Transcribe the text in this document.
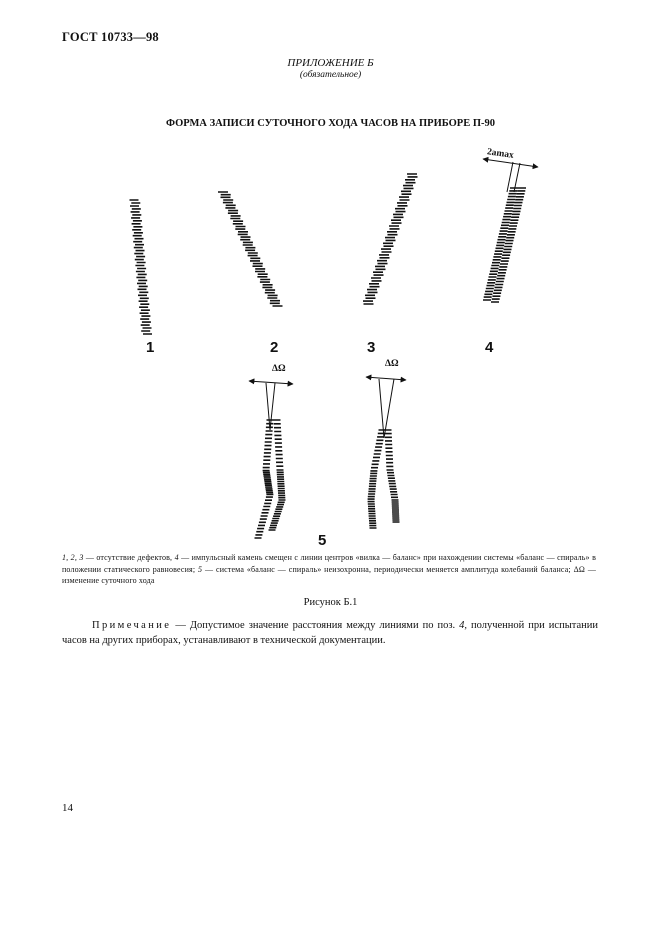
ГОСТ 10733—98
ПРИЛОЖЕНИЕ Б
(обязательное)
ФОРМА ЗАПИСИ СУТОЧНОГО ХОДА ЧАСОВ НА ПРИБОРЕ П-90
1	2	3	4
5
2amax
ΔΩ	ΔΩ
1, 2, 3 — отсутствие дефектов, 4 — импульсный камень смещен с линии центров «вилка — баланс» при нахождении системы «баланс — спираль» в положении статического равновесия; 5 — система «баланс — спираль» неизохронна, периодически меняется амплитуда колебаний баланса; ΔΩ — изменение суточного хода
Рисунок Б.1
Примечание — Допустимое значение расстояния между линиями по поз. 4, полученной при испытании часов на других приборах, устанавливают в технической документации.
14
